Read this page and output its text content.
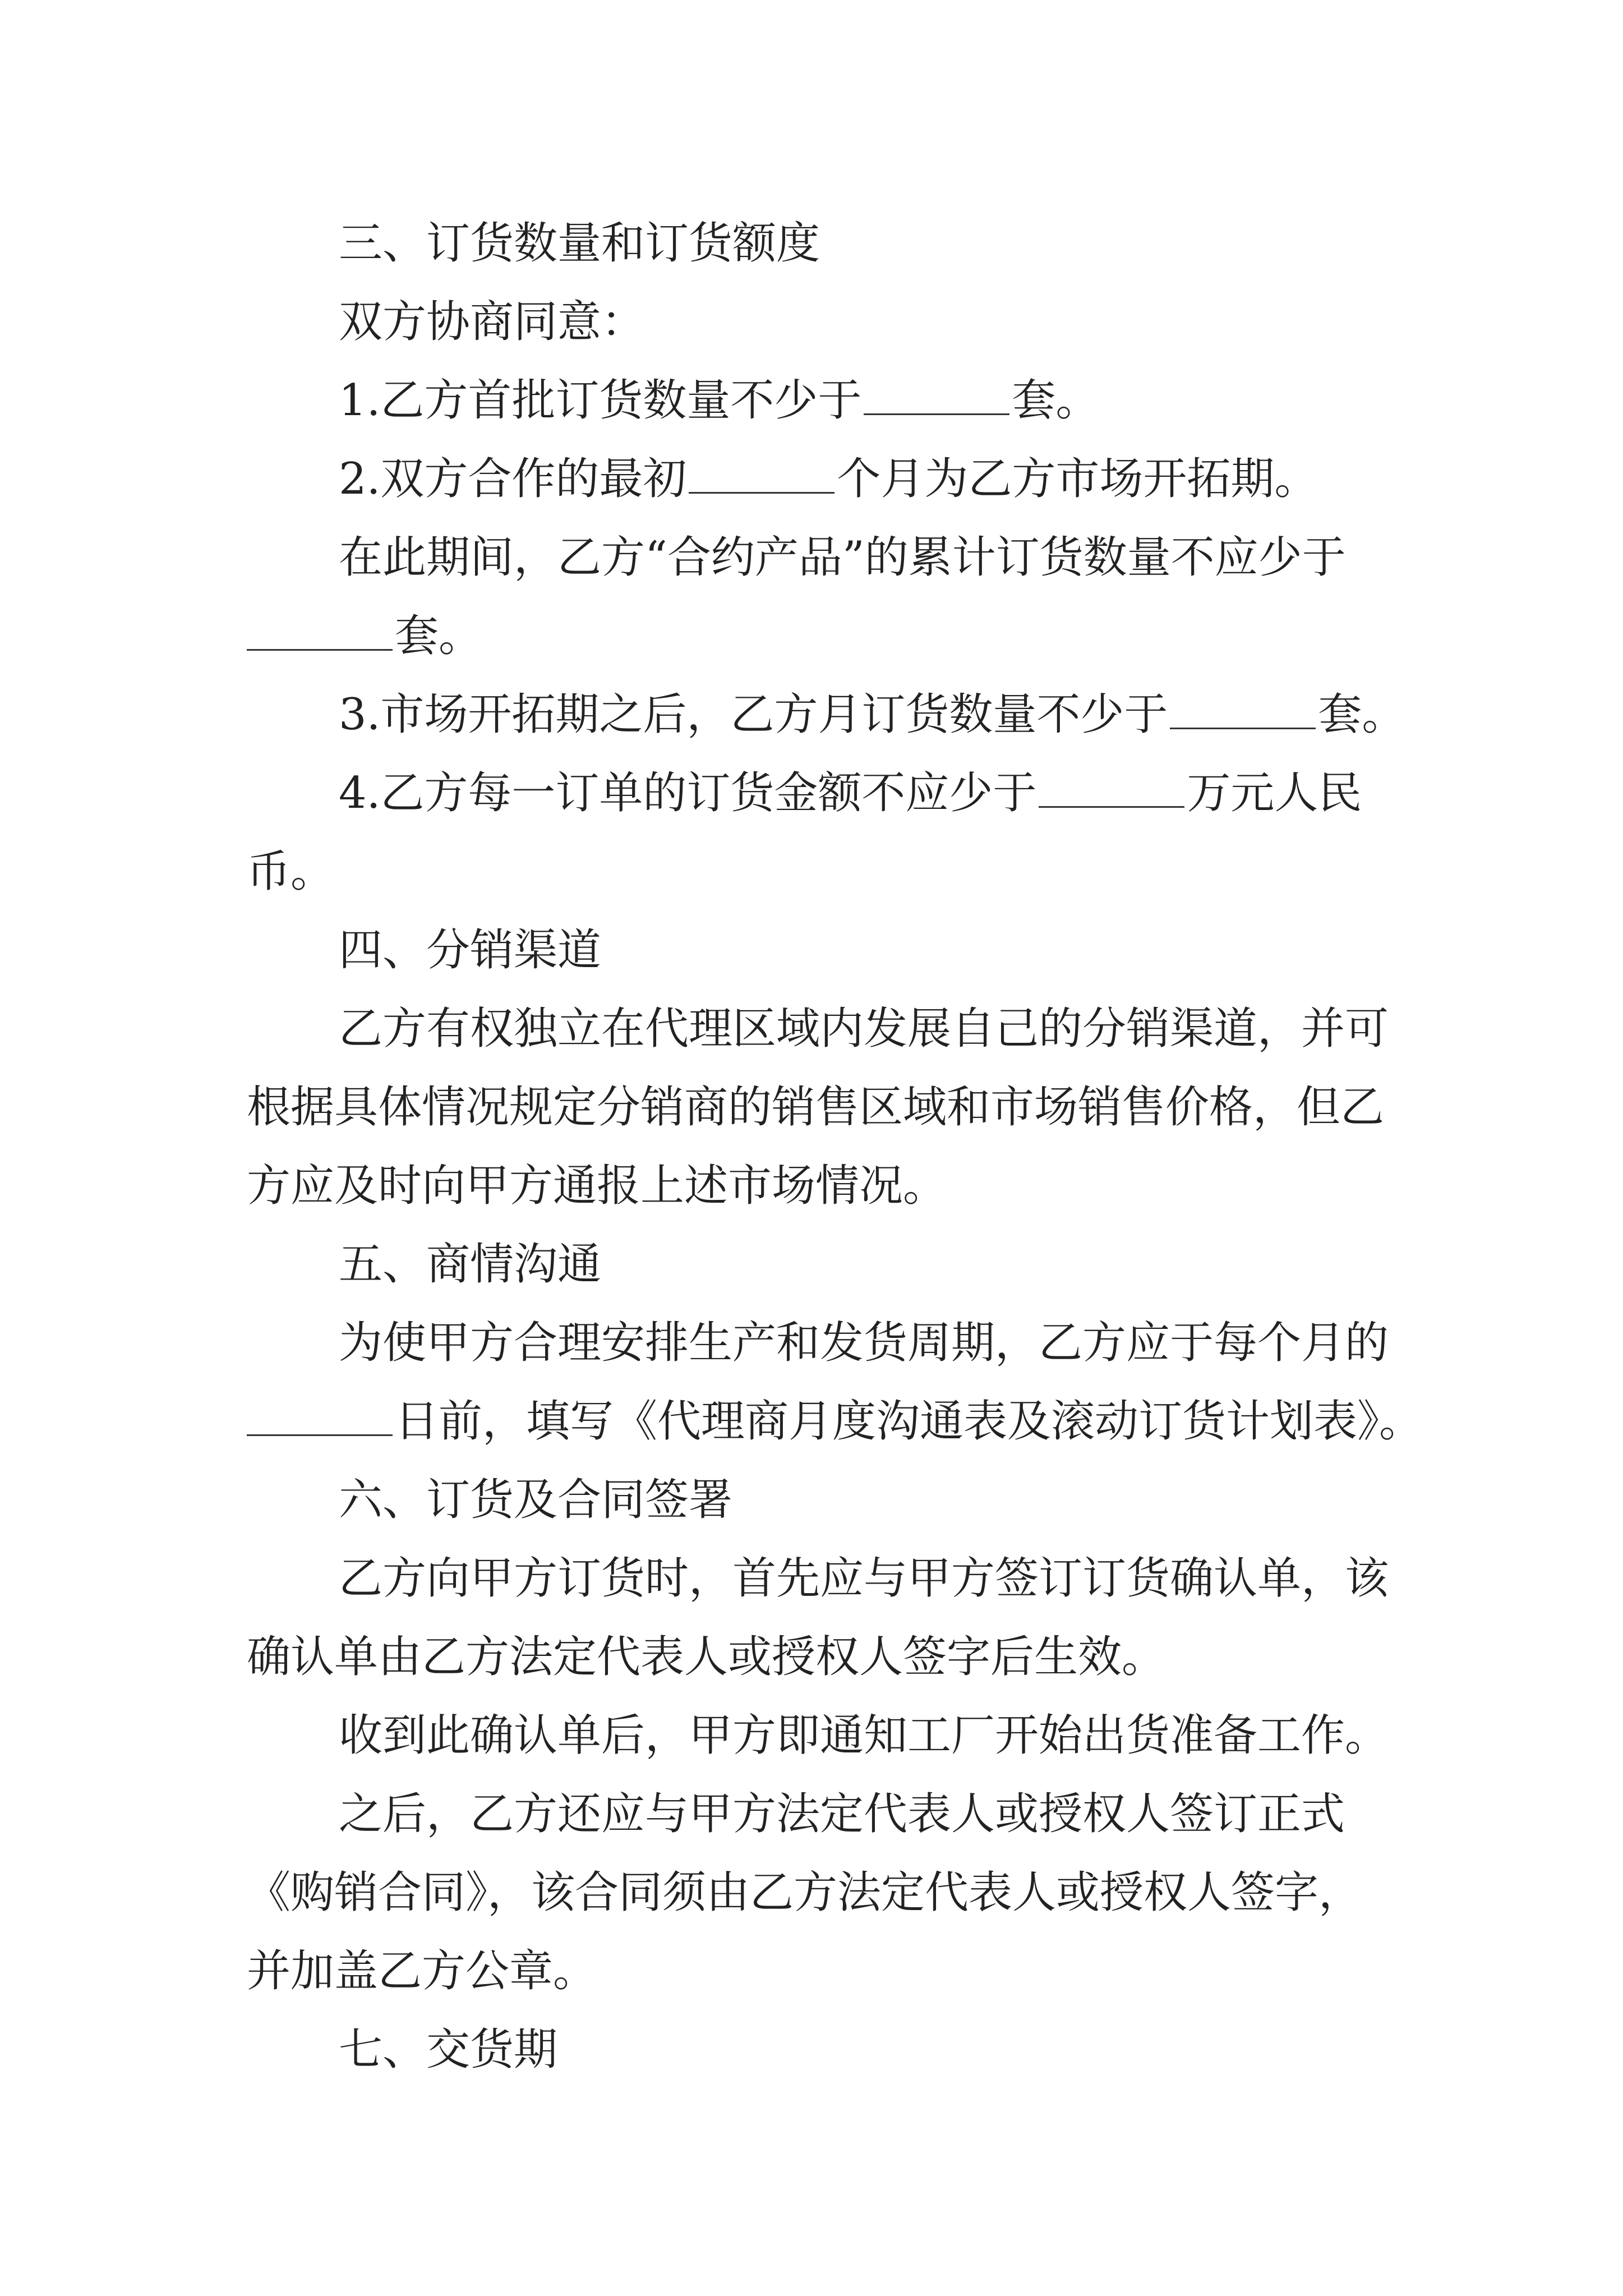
三、订货数量和订货额度
双方协商同意：
1.乙方首批订货数量不少于	套。
2.双方合作的最初	个月为乙方市场开拓期。
在此期间，乙方“合约产品”的累计订货数量不应少于
套。
3.市场开拓期之后，乙方月订货数量不少于	套。
4.乙方每一订单的订货金额不应少于	万元人民
币。
四、分销渠道
乙方有权独立在代理区域内发展自己的分销渠道，并可
根据具体情况规定分销商的销售区域和市场销售价格，但乙
方应及时向甲方通报上述市场情况。
五、商情沟通
为使甲方合理安排生产和发货周期，乙方应于每个月的
日前，填写《代理商月度沟通表及滚动订货计划表》。
六、订货及合同签署
乙方向甲方订货时，首先应与甲方签订订货确认单，该
确认单由乙方法定代表人或授权人签字后生效。
收到此确认单后，甲方即通知工厂开始出货准备工作。
之后，乙方还应与甲方法定代表人或授权人签订正式
《购销合同》，该合同须由乙方法定代表人或授权人签字，
并加盖乙方公章。
七、交货期
